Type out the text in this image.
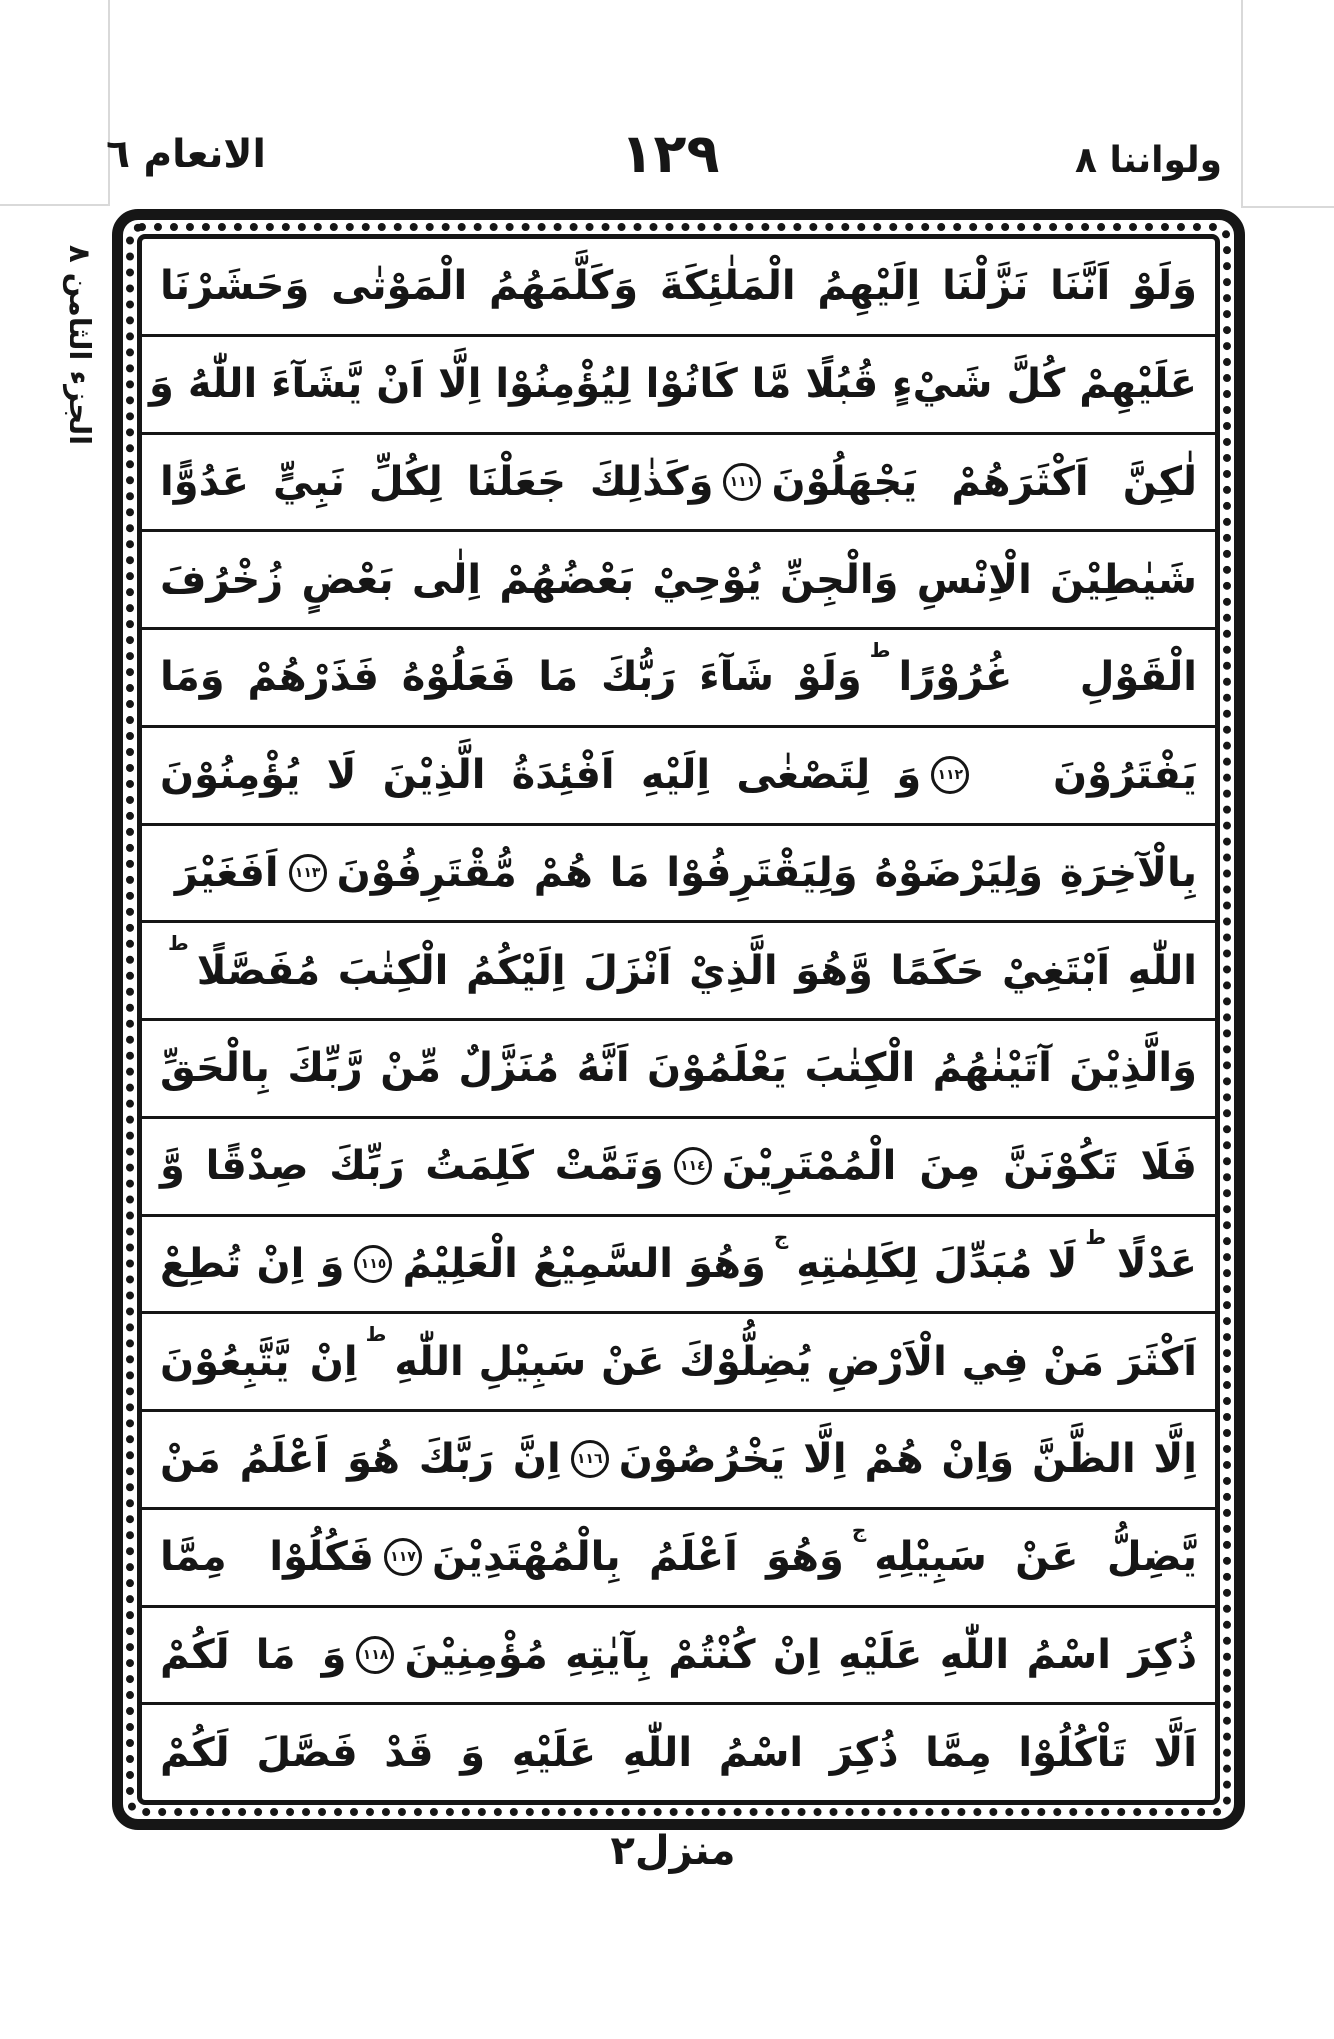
الانعام ٦	١٢٩	ولواننا ٨
الجزء الثامن ٨ وَلَوْ اَنَّنَا نَزَّلْنَا اِلَيْهِمُ الْمَلٰئِكَةَ وَكَلَّمَهُمُ الْمَوْتٰى وَحَشَرْنَا
عَلَيْهِمْ كُلَّ شَيْءٍ قُبُلًا مَّا كَانُوْا لِيُؤْمِنُوْا اِلَّا اَنْ يَّشَآءَ اللّٰهُ وَ
لٰكِنَّ اَكْثَرَهُمْ يَجْهَلُوْنَ
١١١
وَكَذٰلِكَ جَعَلْنَا لِكُلِّ نَبِيٍّ عَدُوًّا
شَيٰطِيْنَ الْاِنْسِ وَالْجِنِّ يُوْحِيْ بَعْضُهُمْ اِلٰى بَعْضٍ زُخْرُفَ
الْقَوْلِ غُرُوْرًا
ط
وَلَوْ شَآءَ رَبُّكَ مَا فَعَلُوْهُ فَذَرْهُمْ وَمَا
يَفْتَرُوْنَ
١١٢
وَ لِتَصْغٰى اِلَيْهِ اَفْئِدَةُ الَّذِيْنَ لَا يُؤْمِنُوْنَ
بِالْآخِرَةِ وَلِيَرْضَوْهُ وَلِيَقْتَرِفُوْا مَا هُمْ مُّقْتَرِفُوْنَ
١١٣
اَفَغَيْرَ
اللّٰهِ اَبْتَغِيْ حَكَمًا وَّهُوَ الَّذِيْ اَنْزَلَ اِلَيْكُمُ الْكِتٰبَ مُفَصَّلًا
ط
وَالَّذِيْنَ آتَيْنٰهُمُ الْكِتٰبَ يَعْلَمُوْنَ اَنَّهُ مُنَزَّلٌ مِّنْ رَّبِّكَ بِالْحَقِّ
فَلَا تَكُوْنَنَّ مِنَ الْمُمْتَرِيْنَ
١١٤
وَتَمَّتْ كَلِمَتُ رَبِّكَ صِدْقًا وَّ
عَدْلًا
ط
لَا مُبَدِّلَ لِكَلِمٰتِهِ
ج
وَهُوَ السَّمِيْعُ الْعَلِيْمُ
١١٥
وَ اِنْ تُطِعْ
اَكْثَرَ مَنْ فِي الْاَرْضِ يُضِلُّوْكَ عَنْ سَبِيْلِ اللّٰهِ
ط
اِنْ يَّتَّبِعُوْنَ
اِلَّا الظَّنَّ وَاِنْ هُمْ اِلَّا يَخْرُصُوْنَ
١١٦
اِنَّ رَبَّكَ هُوَ اَعْلَمُ مَنْ
يَّضِلُّ عَنْ سَبِيْلِهِ
ج
وَهُوَ اَعْلَمُ بِالْمُهْتَدِيْنَ
١١٧
فَكُلُوْا مِمَّا
ذُكِرَ اسْمُ اللّٰهِ عَلَيْهِ اِنْ كُنْتُمْ بِآيٰتِهِ مُؤْمِنِيْنَ
١١٨
وَ مَا لَكُمْ
اَلَّا تَاْكُلُوْا مِمَّا ذُكِرَ اسْمُ اللّٰهِ عَلَيْهِ وَ قَدْ فَصَّلَ لَكُمْ
منزل٢
